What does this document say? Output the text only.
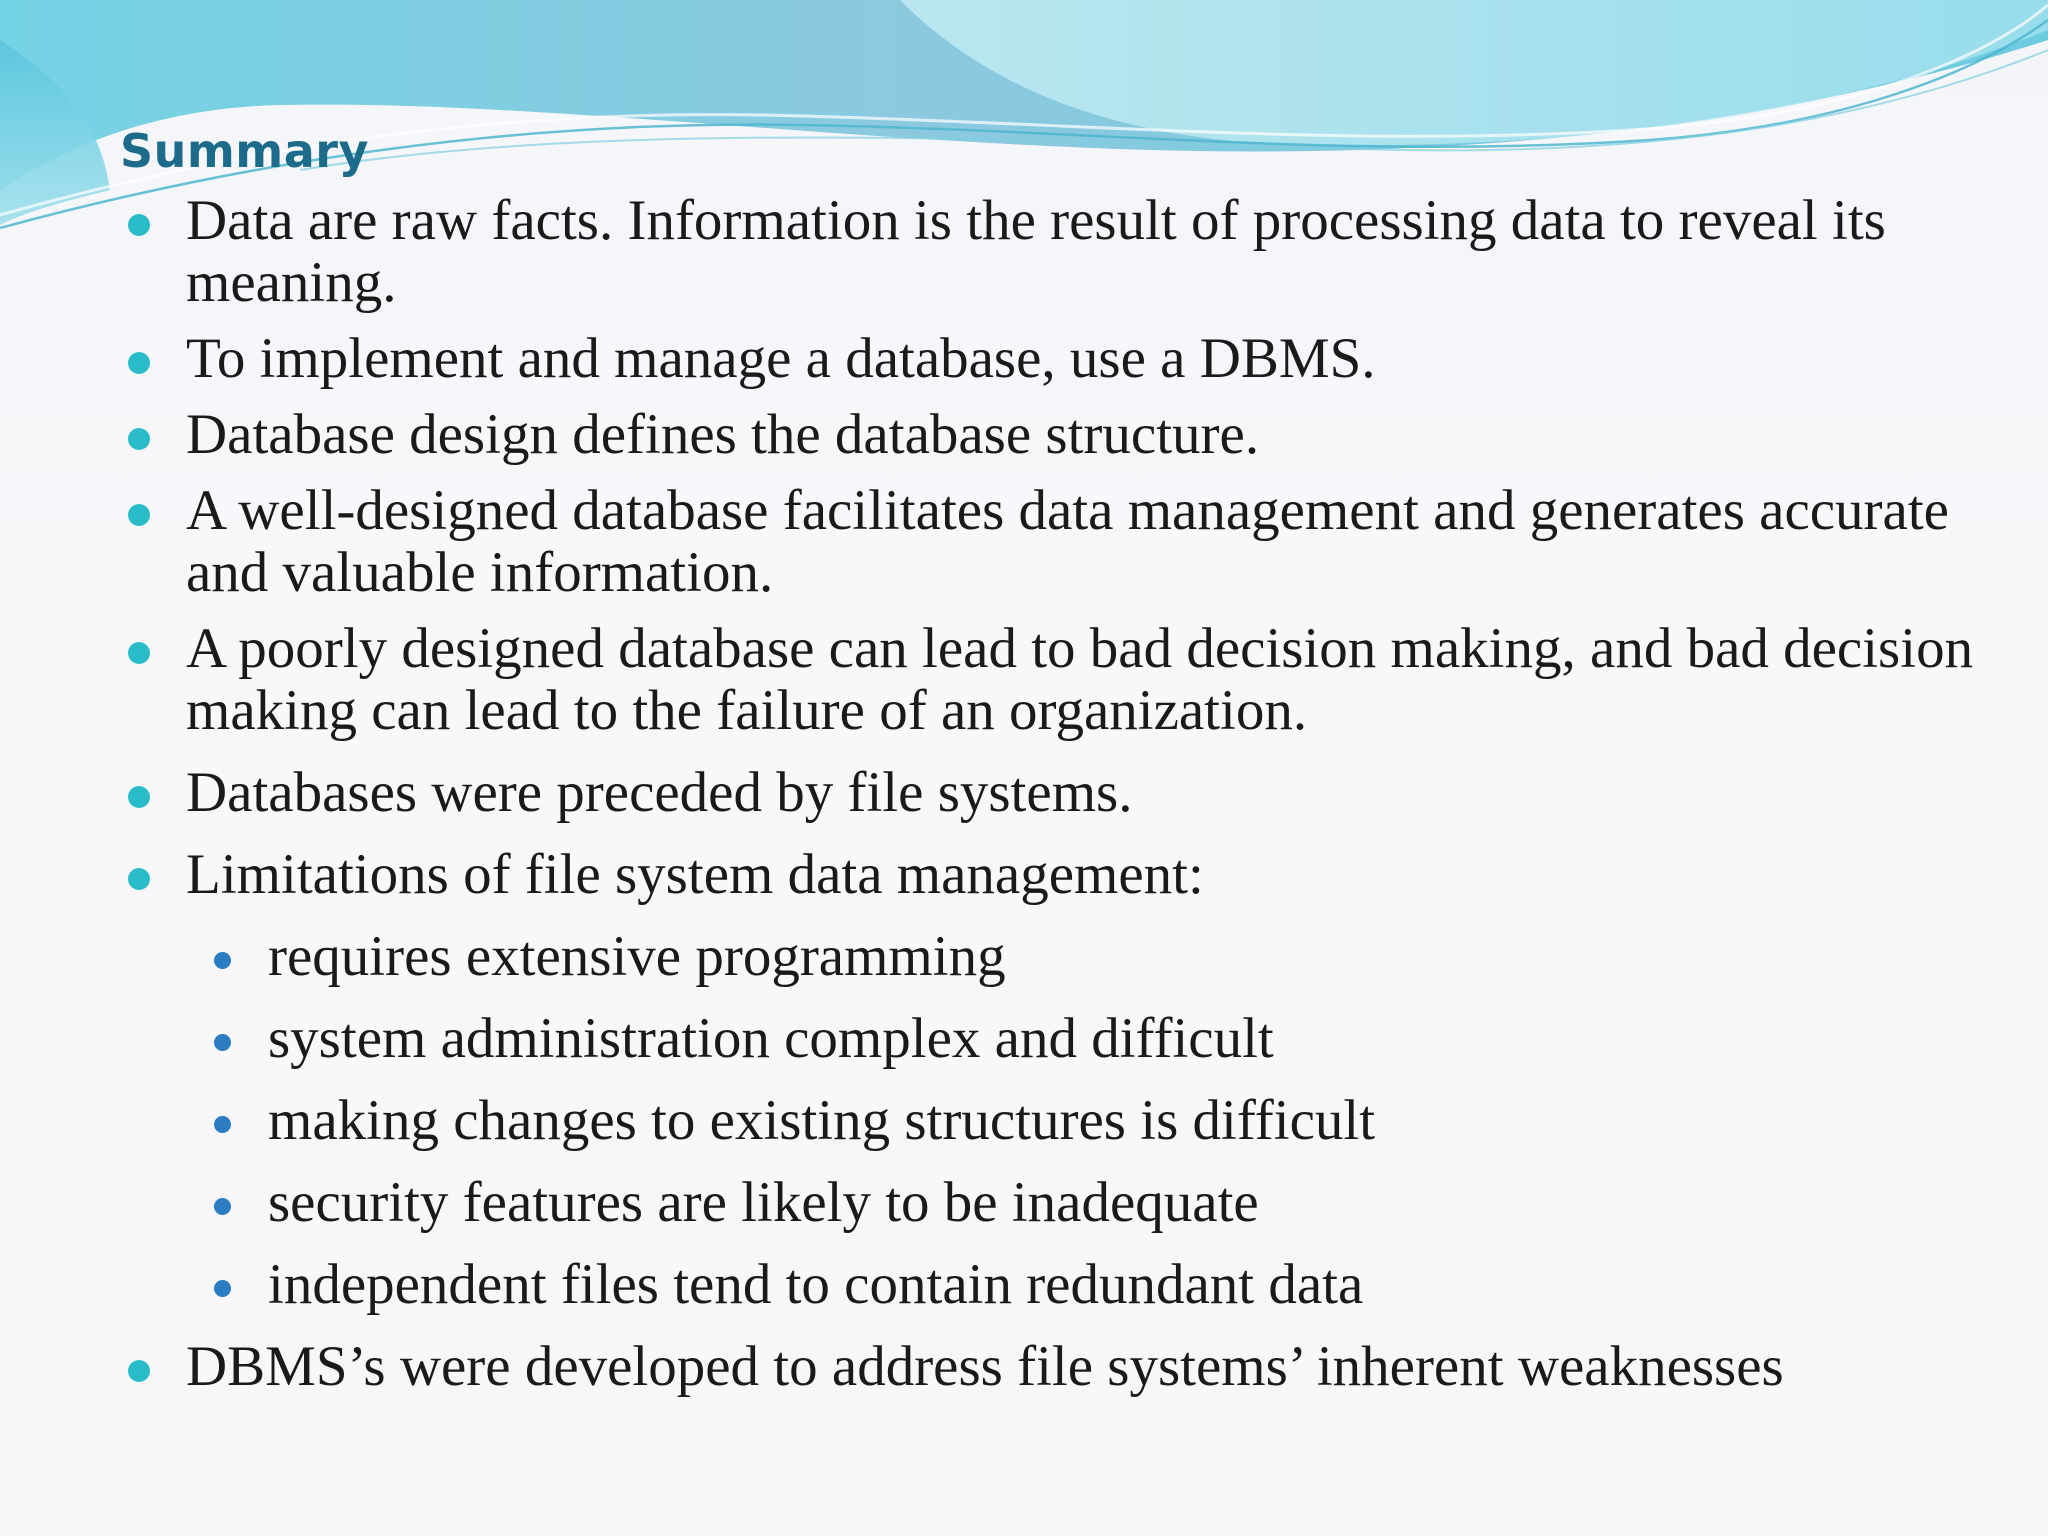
Summary
Data are raw facts. Information is the result of processing data to reveal its meaning.
To implement and manage a database, use a DBMS.
Database design defines the database structure.
A well-designed database facilitates data management and generates accurate and valuable information.
A poorly designed database can lead to bad decision making, and bad decision making can lead to the failure of an organization.
Databases were preceded by file systems.
Limitations of file system data management:
requires extensive programming
system administration complex and difficult
making changes to existing structures is difficult
security features are likely to be inadequate
independent files tend to contain redundant data
DBMS’s were developed to address file systems’ inherent weaknesses
